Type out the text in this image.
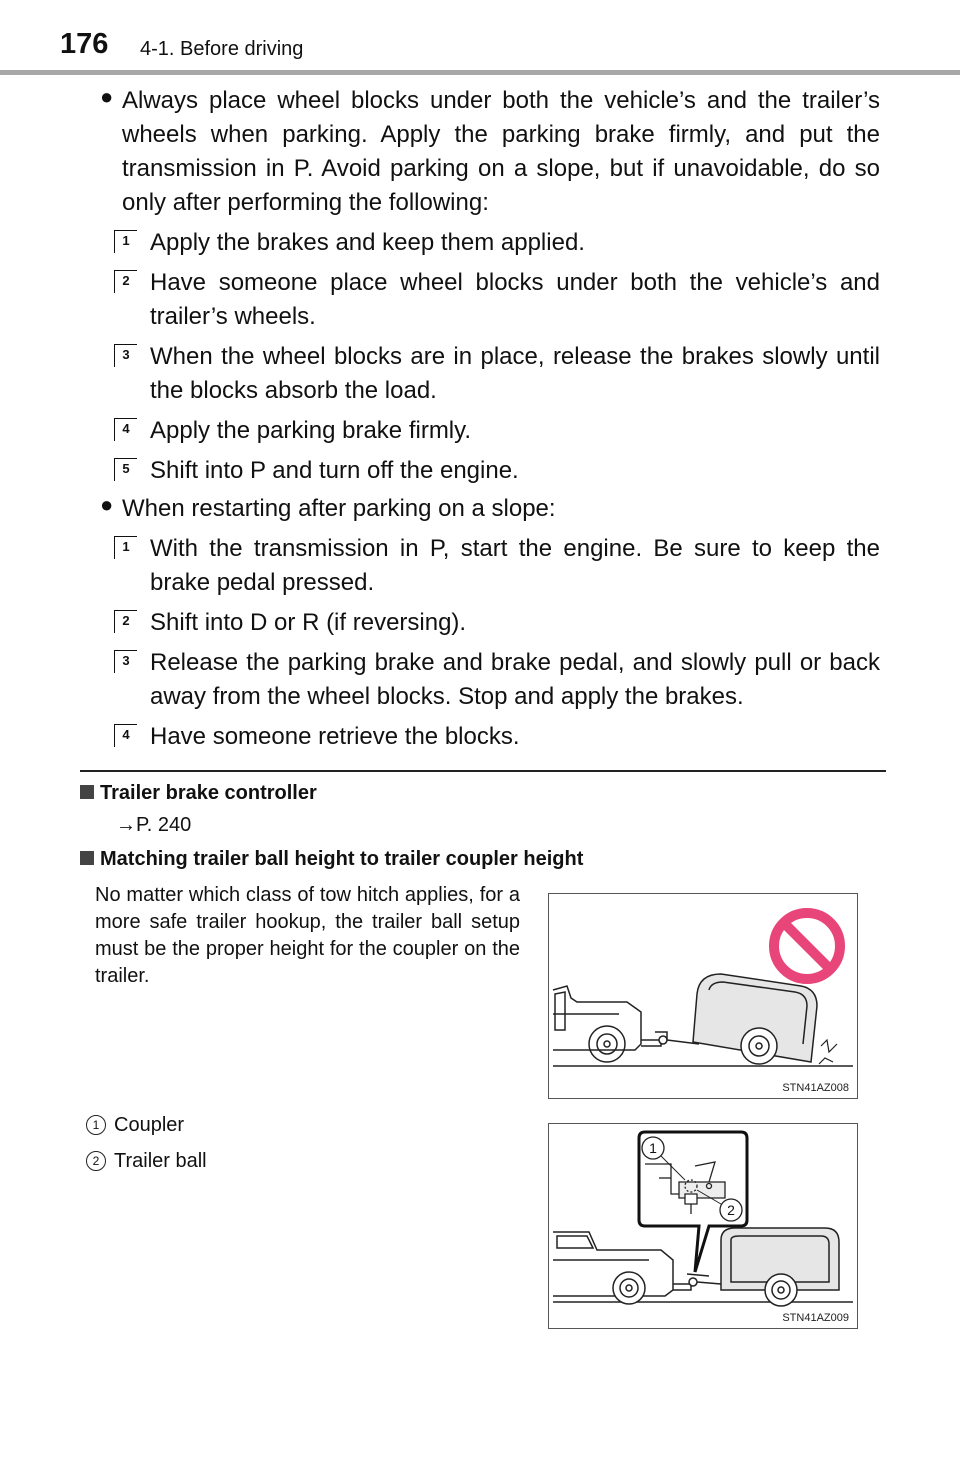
176 4-1. Before driving
● Always place wheel blocks under both the vehicle’s and the trailer’s wheels when parking. Apply the parking brake firmly, and put the transmission in P. Avoid parking on a slope, but if unavoidable, do so only after performing the following:

1 Apply the brakes and keep them applied.

2 Have someone place wheel blocks under both the vehicle’s and trailer’s wheels.

3 When the wheel blocks are in place, release the brakes slowly until the blocks absorb the load.

4 Apply the parking brake firmly.

5 Shift into P and turn off the engine.

● When restarting after parking on a slope:

1 With the transmission in P, start the engine. Be sure to keep the brake pedal pressed.

2 Shift into D or R (if reversing).

3 Release the parking brake and brake pedal, and slowly pull or back away from the wheel blocks. Stop and apply the brakes.

4 Have someone retrieve the blocks.

Trailer brake controller
→P. 240
Matching trailer ball height to trailer coupler height

No matter which class of tow hitch applies, for a more safe trailer hookup, the trailer ball setup must be the proper height for the coupler on the trailer.

STN41AZ008
1 Coupler
2 Trailer ball
1
2
STN41AZ009
